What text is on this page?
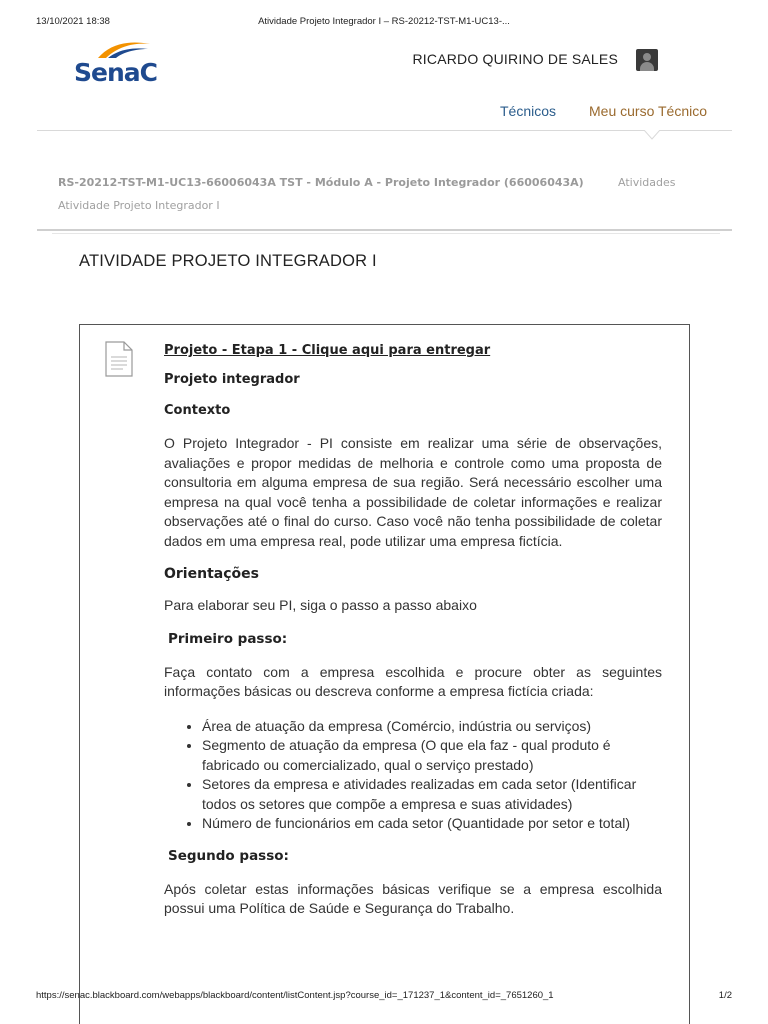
13/10/2021 18:38	Atividade Projeto Integrador I – RS-20212-TST-M1-UC13-...
SenaC	RICARDO QUIRINO DE SALES
Técnicos Meu curso Técnico
RS-20212-TST-M1-UC13-66006043A TST - Módulo A - Projeto Integrador (66006043A)	Atividades
Atividade Projeto Integrador I
ATIVIDADE PROJETO INTEGRADOR I
Projeto - Etapa 1 - Clique aqui para entregar
Projeto integrador
Contexto

O Projeto Integrador - PI consiste em realizar uma série de observações, avaliações e propor medidas de melhoria e controle como uma proposta de consultoria em alguma empresa de sua região. Será necessário escolher uma empresa na qual você tenha a possibilidade de coletar informações e realizar observações até o final do curso. Caso você não tenha possibilidade de coletar dados em uma empresa real, pode utilizar uma empresa fictícia.

Orientações

Para elaborar seu PI, siga o passo a passo abaixo

Primeiro passo:

Faça contato com a empresa escolhida e procure obter as seguintes informações básicas ou descreva conforme a empresa fictícia criada:

• Área de atuação da empresa (Comércio, indústria ou serviços)
• Segmento de atuação da empresa (O que ela faz - qual produto é fabricado ou comercializado, qual o serviço prestado)
• Setores da empresa e atividades realizadas em cada setor (Identificar todos os setores que compõe a empresa e suas atividades)
• Número de funcionários em cada setor (Quantidade por setor e total)
Segundo passo:

Após coletar estas informações básicas verifique se a empresa escolhida possui uma Política de Saúde e Segurança do Trabalho.

https://senac.blackboard.com/webapps/blackboard/content/listContent.jsp?course_id=_171237_1&content_id=_7651260_1	1/2
